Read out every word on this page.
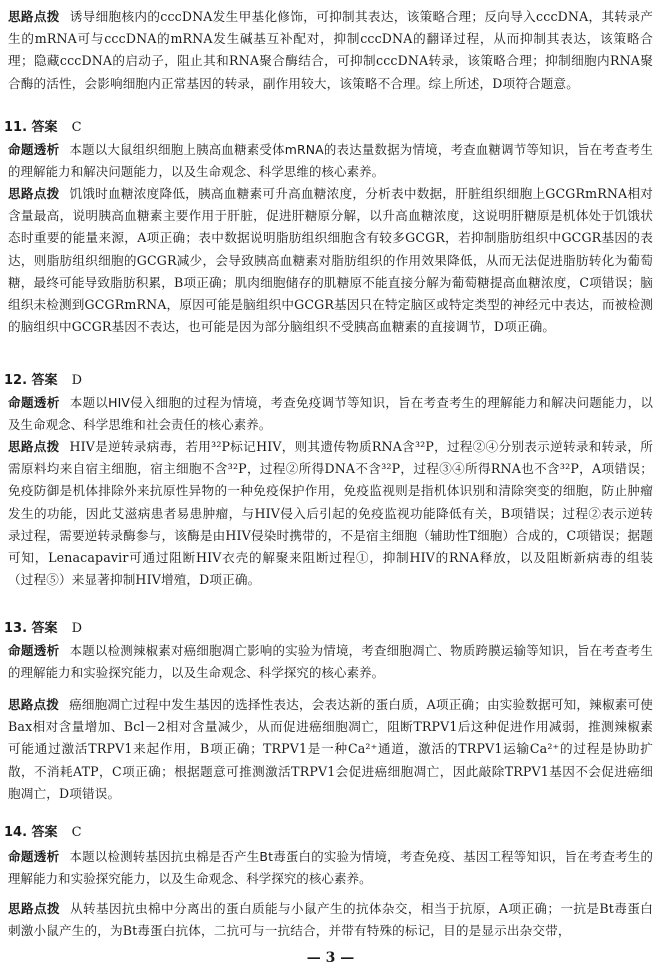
思路点拨 诱导细胞核内的cccDNA发生甲基化修饰，可抑制其表达，该策略合理；反向导入cccDNA，其转录产生的mRNA可与cccDNA的mRNA发生碱基互补配对，抑制cccDNA的翻译过程，从而抑制其表达，该策略合理；隐藏cccDNA的启动子，阻止其和RNA聚合酶结合，可抑制cccDNA转录，该策略合理；抑制细胞内RNA聚合酶的活性，会影响细胞内正常基因的转录，副作用较大，该策略不合理。综上所述，D项符合题意。

11. 答案 C

命题透析 本题以大鼠组织细胞上胰高血糖素受体mRNA的表达量数据为情境，考查血糖调节等知识，旨在考查考生的理解能力和解决问题能力，以及生命观念、科学思维的核心素养。

思路点拨 饥饿时血糖浓度降低，胰高血糖素可升高血糖浓度，分析表中数据，肝脏组织细胞上GCGRmRNA相对含量最高，说明胰高血糖素主要作用于肝脏，促进肝糖原分解，以升高血糖浓度，这说明肝糖原是机体处于饥饿状态时重要的能量来源，A项正确；表中数据说明脂肪组织细胞含有较多GCGR，若抑制脂肪组织中GCGR基因的表达，则脂肪组织细胞的GCGR减少，会导致胰高血糖素对脂肪组织的作用效果降低，从而无法促进脂肪转化为葡萄糖，最终可能导致脂肪积累，B项正确；肌肉细胞储存的肌糖原不能直接分解为葡萄糖提高血糖浓度，C项错误；脑组织未检测到GCGRmRNA，原因可能是脑组织中GCGR基因只在特定脑区或特定类型的神经元中表达，而被检测的脑组织中GCGR基因不表达，也可能是因为部分脑组织不受胰高血糖素的直接调节，D项正确。

12. 答案 D

命题透析 本题以HIV侵入细胞的过程为情境，考查免疫调节等知识，旨在考查考生的理解能力和解决问题能力，以及生命观念、科学思维和社会责任的核心素养。

思路点拨 HIV是逆转录病毒，若用³²P标记HIV，则其遗传物质RNA含³²P，过程②④分别表示逆转录和转录，所需原料均来自宿主细胞，宿主细胞不含³²P，过程②所得DNA不含³²P，过程③④所得RNA也不含³²P，A项错误；免疫防御是机体排除外来抗原性异物的一种免疫保护作用，免疫监视则是指机体识别和清除突变的细胞，防止肿瘤发生的功能，因此艾滋病患者易患肿瘤，与HIV侵入后引起的免疫监视功能降低有关，B项错误；过程②表示逆转录过程，需要逆转录酶参与，该酶是由HIV侵染时携带的，不是宿主细胞（辅助性T细胞）合成的，C项错误；据题可知，Lenacapavir可通过阻断HIV衣壳的解聚来阻断过程①，抑制HIV的RNA释放，以及阻断新病毒的组装（过程⑤）来显著抑制HIV增殖，D项正确。

13. 答案 D

命题透析 本题以检测辣椒素对癌细胞凋亡影响的实验为情境，考查细胞凋亡、物质跨膜运输等知识，旨在考查考生的理解能力和实验探究能力，以及生命观念、科学探究的核心素养。

思路点拨 癌细胞凋亡过程中发生基因的选择性表达，会表达新的蛋白质，A项正确；由实验数据可知，辣椒素可使Bax相对含量增加、Bcl－2相对含量减少，从而促进癌细胞凋亡，阻断TRPV1后这种促进作用减弱，推测辣椒素可能通过激活TRPV1来起作用，B项正确；TRPV1是一种Ca²⁺通道，激活的TRPV1运输Ca²⁺的过程是协助扩散，不消耗ATP，C项正确；根据题意可推测激活TRPV1会促进癌细胞凋亡，因此敲除TRPV1基因不会促进癌细胞凋亡，D项错误。

14. 答案 C

命题透析 本题以检测转基因抗虫棉是否产生Bt毒蛋白的实验为情境，考查免疫、基因工程等知识，旨在考查考生的理解能力和实验探究能力，以及生命观念、科学探究的核心素养。

思路点拨 从转基因抗虫棉中分离出的蛋白质能与小鼠产生的抗体杂交，相当于抗原，A项正确；一抗是Bt毒蛋白刺激小鼠产生的，为Bt毒蛋白抗体，二抗可与一抗结合，并带有特殊的标记，目的是显示出杂交带，

— 3 —
